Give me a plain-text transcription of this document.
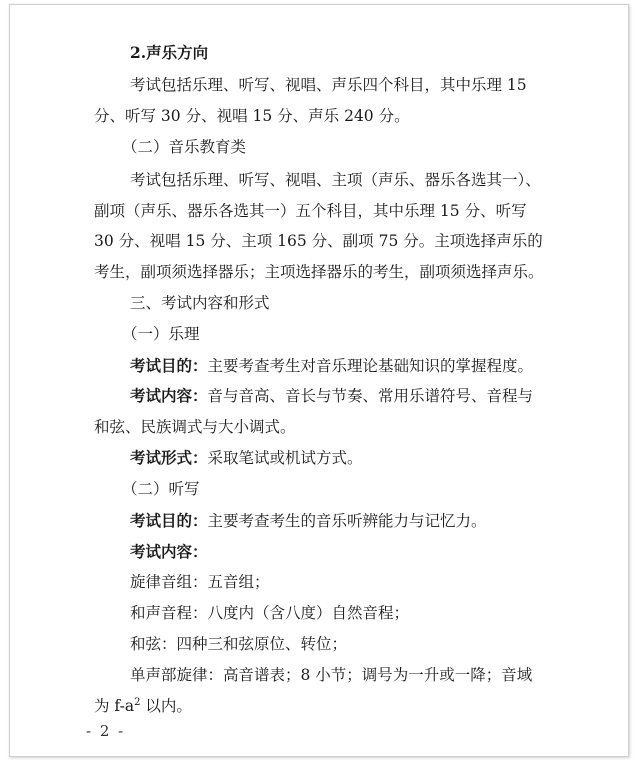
2.声乐方向
考试包括乐理、听写、视唱、声乐四个科目，其中乐理 15
分、听写 30 分、视唱 15 分、声乐 240 分。
（二）音乐教育类
考试包括乐理、听写、视唱、主项（声乐、器乐各选其一）、
副项（声乐、器乐各选其一）五个科目，其中乐理 15 分、听写
30 分、视唱 15 分、主项 165 分、副项 75 分。主项选择声乐的
考生，副项须选择器乐；主项选择器乐的考生，副项须选择声乐。
三、考试内容和形式
（一）乐理
考试目的：主要考查考生对音乐理论基础知识的掌握程度。
考试内容：音与音高、音长与节奏、常用乐谱符号、音程与
和弦、民族调式与大小调式。
考试形式：采取笔试或机试方式。
（二）听写
考试目的：主要考查考生的音乐听辨能力与记忆力。
考试内容：
旋律音组：五音组；
和声音程：八度内（含八度）自然音程；
和弦：四种三和弦原位、转位；
单声部旋律：高音谱表；8 小节；调号为一升或一降；音域
为 $f-a^2$ 以内。
- 2 -
